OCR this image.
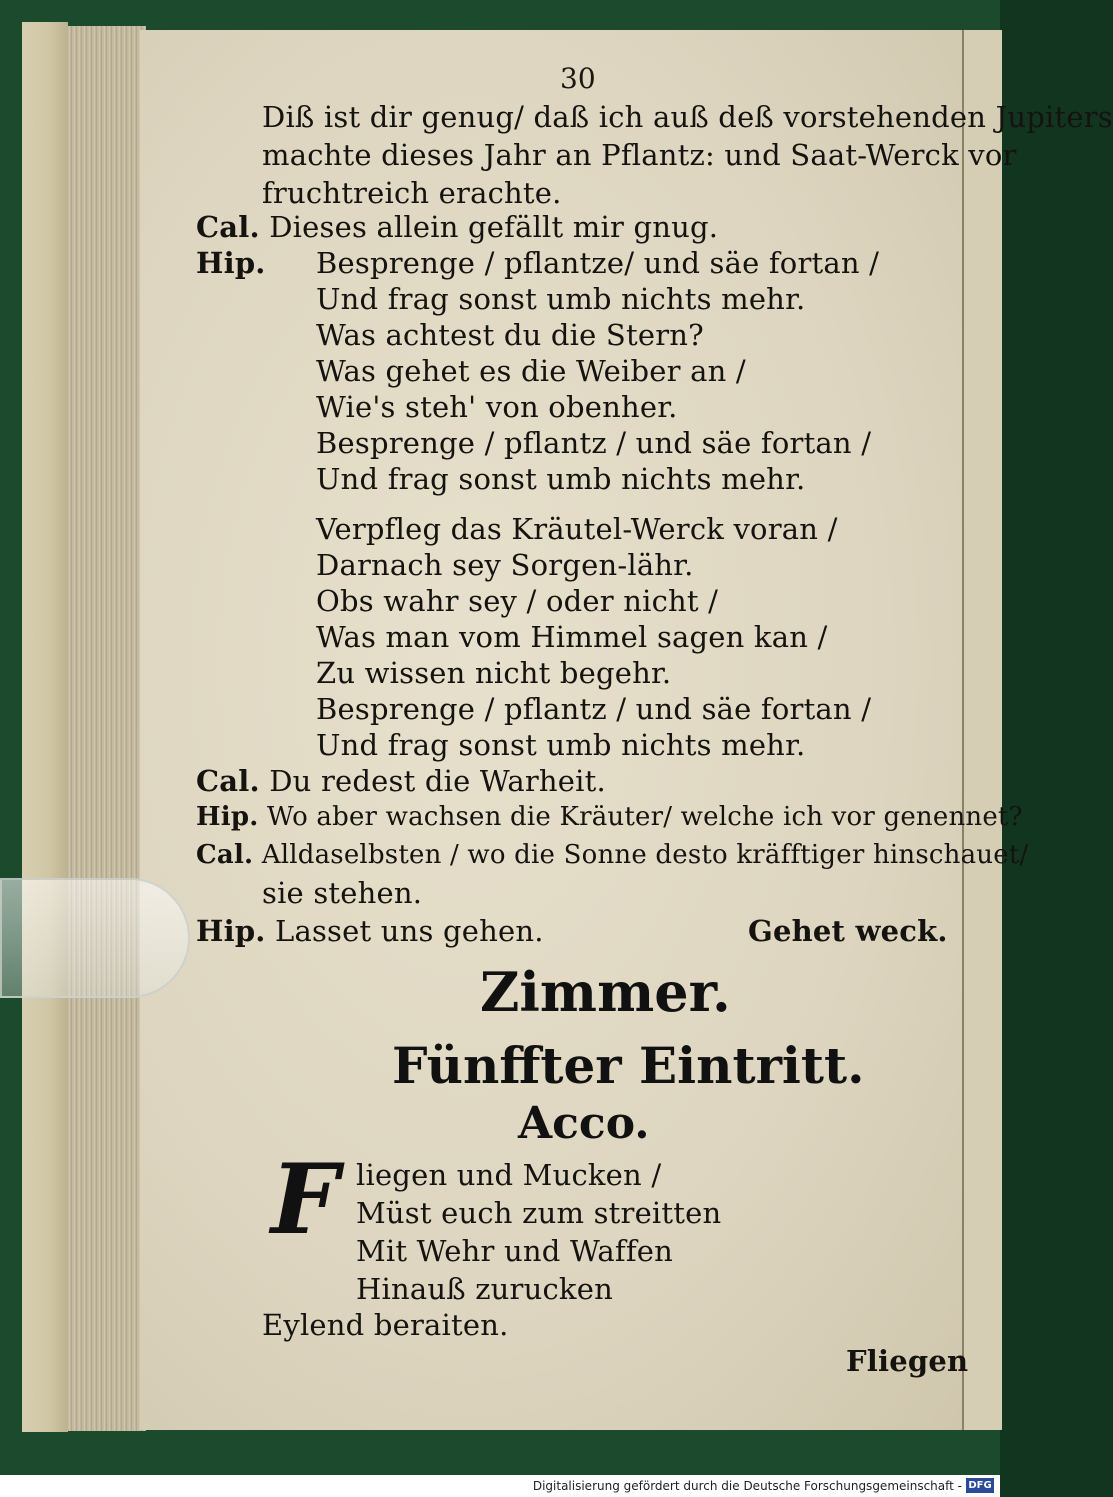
30
Diß ist dir genug/ daß ich auß deß vorstehenden Jupiters
machte dieses Jahr an Pflantz: und Saat-Werck vor
fruchtreich erachte.
Cal. Dieses allein gefällt mir gnug.
Hip. Besprenge / pflantze/ und säe fortan /
Und frag sonst umb nichts mehr.
Was achtest du die Stern?
Was gehet es die Weiber an /
Wie's steh' von obenher.
Besprenge / pflantz / und säe fortan /
Und frag sonst umb nichts mehr.
Verpfleg das Kräutel-Werck voran /
Darnach sey Sorgen-lähr.
Obs wahr sey / oder nicht /
Was man vom Himmel sagen kan /
Zu wissen nicht begehr.
Besprenge / pflantz / und säe fortan /
Und frag sonst umb nichts mehr.
Cal. Du redest die Warheit.
Hip. Wo aber wachsen die Kräuter/ welche ich vor genennet?
Cal. Alldaselbsten / wo die Sonne desto kräfftiger hinschauet/
sie stehen.
Hip. Lasset uns gehen.	Gehet weck.
Zimmer.
Fünffter Eintritt.
Acco.
F liegen und Mucken /
Müst euch zum streitten
Mit Wehr und Waffen
Hinauß zurucken
Eylend beraiten.
Fliegen
Digitalisierung gefördert durch die Deutsche Forschungsgemeinschaft - DFG
